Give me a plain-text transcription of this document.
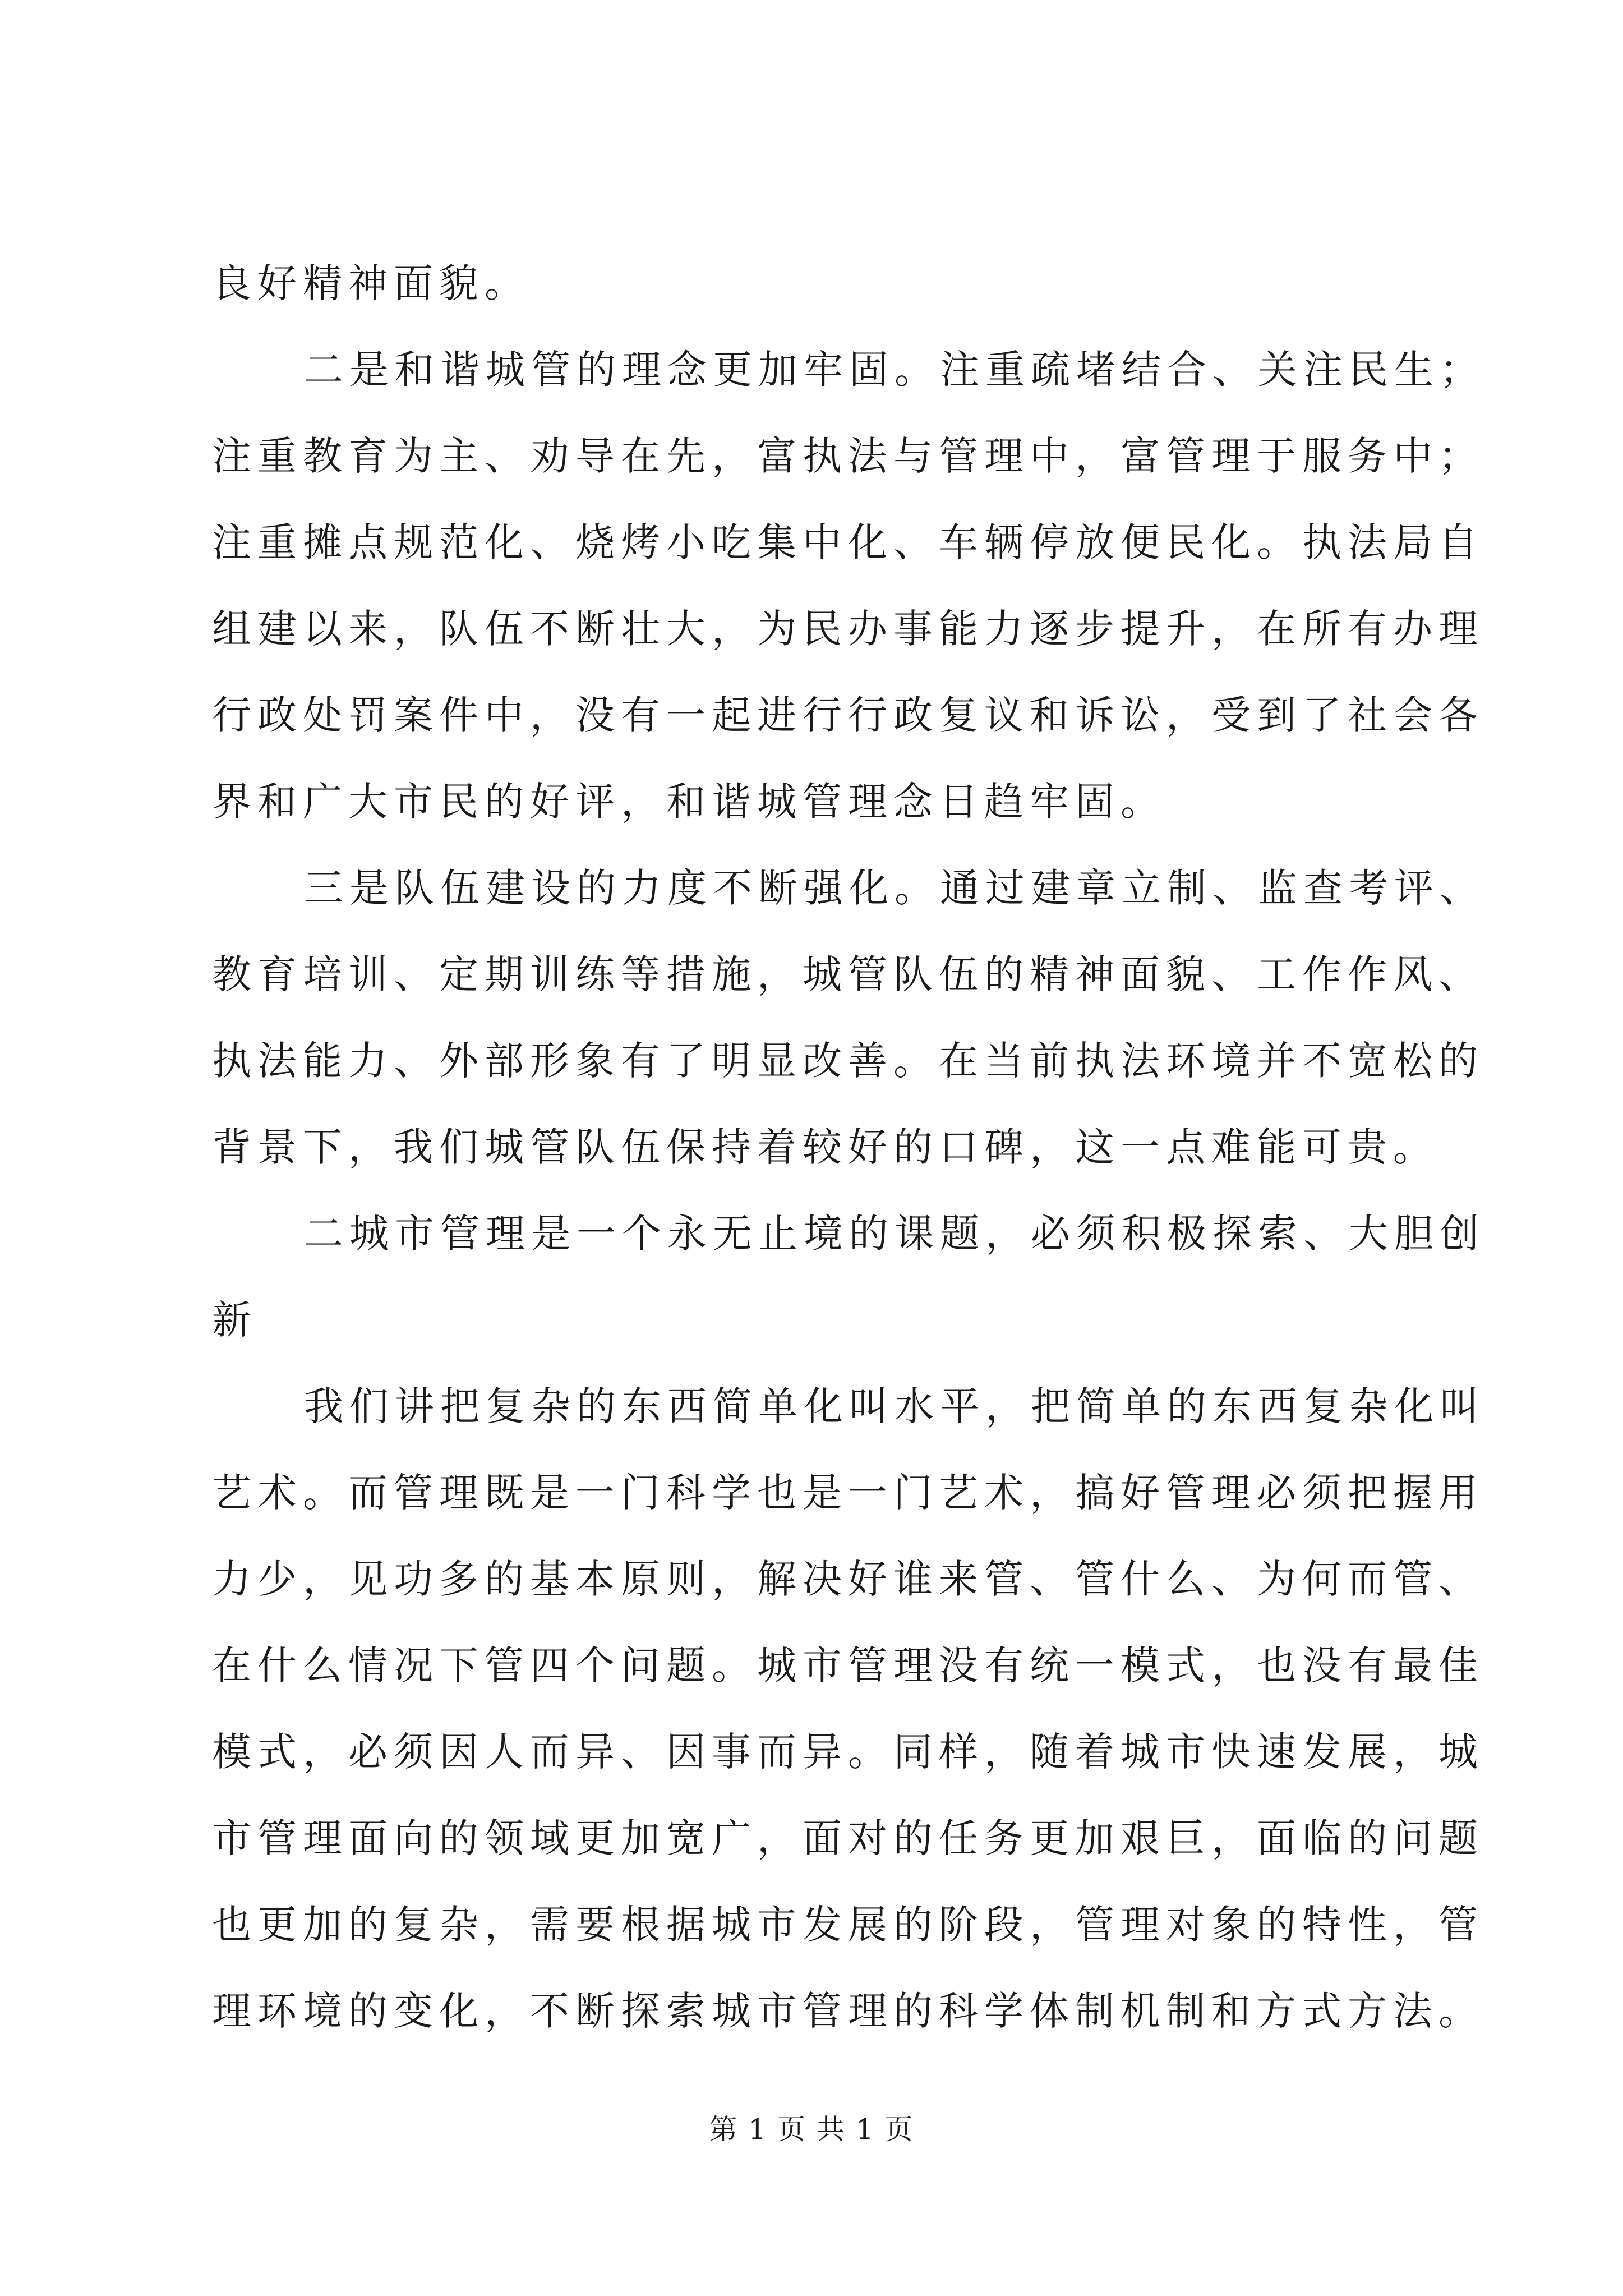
良好精神面貌。
二是和谐城管的理念更加牢固。注重疏堵结合、关注民生；
注重教育为主、劝导在先，富执法与管理中，富管理于服务中；
注重摊点规范化、烧烤小吃集中化、车辆停放便民化。执法局自
组建以来，队伍不断壮大，为民办事能力逐步提升，在所有办理
行政处罚案件中，没有一起进行行政复议和诉讼，受到了社会各
界和广大市民的好评，和谐城管理念日趋牢固。
三是队伍建设的力度不断强化。通过建章立制、监查考评、
教育培训、定期训练等措施，城管队伍的精神面貌、工作作风、
执法能力、外部形象有了明显改善。在当前执法环境并不宽松的
背景下，我们城管队伍保持着较好的口碑，这一点难能可贵。
二城市管理是一个永无止境的课题，必须积极探索、大胆创
新
我们讲把复杂的东西简单化叫水平，把简单的东西复杂化叫
艺术。而管理既是一门科学也是一门艺术，搞好管理必须把握用
力少，见功多的基本原则，解决好谁来管、管什么、为何而管、
在什么情况下管四个问题。城市管理没有统一模式，也没有最佳
模式，必须因人而异、因事而异。同样，随着城市快速发展，城
市管理面向的领域更加宽广，面对的任务更加艰巨，面临的问题
也更加的复杂，需要根据城市发展的阶段，管理对象的特性，管
理环境的变化，不断探索城市管理的科学体制机制和方式方法。
第 1 页 共 1 页
